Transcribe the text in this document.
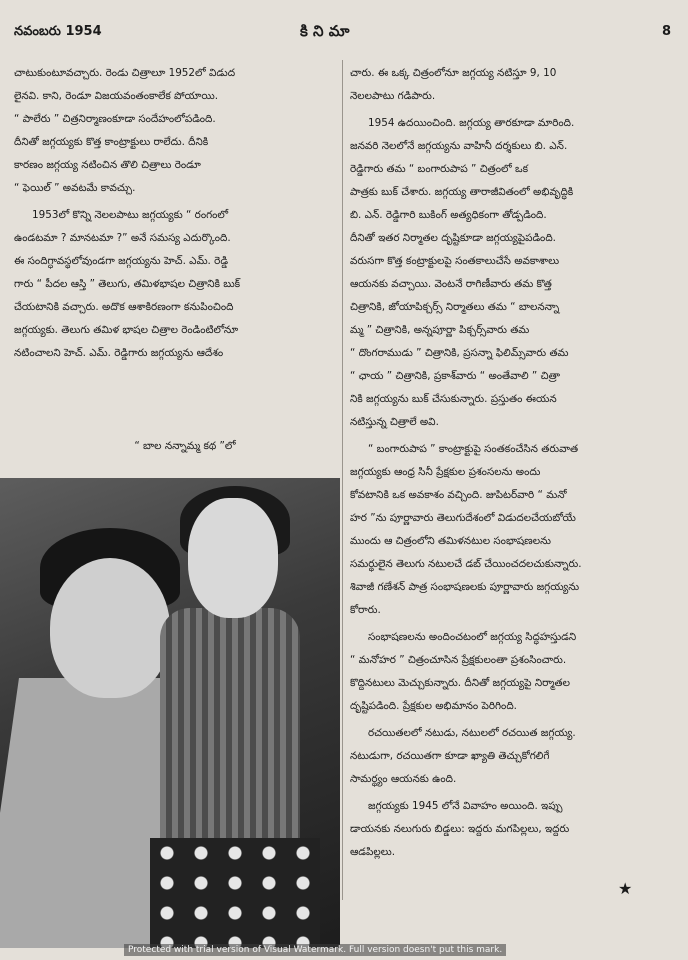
నవంబరు 1954	కి ని మా	8

చాటుకుంటూవచ్చారు. రెండు చిత్రాలూ 1952లో విడుద
లైనవి. కాని, రెండూ విజయవంతంకాలేక పోయాయి.
“ పాలేరు ” చిత్రనిర్మాణంకూడా సందేహంలోపడింది.
దీనితో జగ్గయ్యకు కొత్త కాంట్రాక్టులు రాలేదు. దీనికి
కారణం జగ్గయ్య నటించిన తొలి చిత్రాలు రెండూ
“ ఫెయిల్ ” అవటమే కావచ్చు.

1953లో కొన్ని నెలలపాటు జగ్గయ్యకు “ రంగంలో
ఉండటమా ? మానటమా ?” అనే సమస్య ఎదుర్కొంది.
ఈ సందిగ్ధావస్థలోవుండగా జగ్గయ్యను హెచ్. ఎమ్. రెడ్డి
గారు “ పీదల ఆస్తి ” తెలుగు, తమిళభాషల చిత్రానికి బుక్
చేయటానికి వచ్చారు. అదొక ఆశాకిరణంగా కనుపించింది
జగ్గయ్యకు. తెలుగు తమిళ భాషల చిత్రాల రెండింటిలోనూ
నటించాలని హెచ్. ఎమ్. రెడ్డిగారు జగ్గయ్యను ఆదేశం

“ బాల నన్నామ్మ కథ ”లో

చారు. ఈ ఒక్క చిత్రంలోనూ జగ్గయ్య నటిస్తూ 9, 10
నెలలపాటు గడిపారు.

1954 ఉదయించింది. జగ్గయ్య తారకూడా మారింది.
జనవరి నెలలోనే జగ్గయ్యను వాహినీ దర్శకులు బి. ఎన్.
రెడ్డిగారు తమ “ బంగారుపాప ” చిత్రంలో ఒక
పాత్రకు బుక్ చేశారు. జగ్గయ్య తారాజీవితంలో అభివృద్ధికి
బి. ఎన్. రెడ్డిగారి బుకింగ్ అత్యధికంగా తోడ్పడింది.
దీనితో ఇతర నిర్మాతల దృష్టికూడా జగ్గయ్యపైపడింది.
వరుసగా కొత్త కంట్రాక్టులపై సంతకాలుచేసే అవకాశాలు
ఆయనకు వచ్చాయి. వెంటనే రాగిణీవారు తమ కొత్త
చిత్రానికి, జోయాపిక్చర్స్ నిర్మాతలు తమ “ బాలనన్నా
మ్మ ” చిత్రానికి, అన్నపూర్ణా పిక్చర్స్‌వారు తమ
“ దొంగరాముడు ” చిత్రానికి, ప్రసన్నా ఫిలిమ్స్‌వారు తమ
“ ఛాయ ” చిత్రానికి, ప్రకాశ్‌వారు “ అంతేవాలి ” చిత్రా
నికి జగ్గయ్యను బుక్ చేసుకున్నారు. ప్రస్తుతం ఈయన
నటిస్తున్న చిత్రాలే అవి.

“ బంగారుపాప ” కాంట్రాక్టుపై సంతకంచేసిన తరువాత
జగ్గయ్యకు ఆంధ్ర సినీ ప్రేక్షకుల ప్రశంసలను అందు
కోవటానికి ఒక అవకాశం వచ్చింది. జుపిటర్‌వారి “ మనో
హర ”ను పూర్ణావారు తెలుగుదేశంలో విడుదలచేయబోయే
ముందు ఆ చిత్రంలోని తమిళనటుల సంభాషణలను
సమర్థులైన తెలుగు నటులచే డబ్ చేయించదలచుకున్నారు.
శివాజీ గణేశన్ పాత్ర సంభాషణలకు పూర్ణావారు జగ్గయ్యను
కోరారు.

సంభాషణలను అందించటంలో జగ్గయ్య సిద్ధహస్తుడని
“ మనోహర ” చిత్రంచూసిన ప్రేక్షకులంతా ప్రశంసించారు.
కొద్దినటులు మెచ్చుకున్నారు. దీనితో జగ్గయ్యపై నిర్మాతల
దృష్టిపడింది. ప్రేక్షకుల అభిమానం పెరిగింది.

రచయితలలో నటుడు, నటులలో రచయిత జగ్గయ్య.
నటుడుగా, రచయితగా కూడా ఖ్యాతి తెచ్చుకోగలిగే
సామర్థ్యం ఆయనకు ఉంది.

జగ్గయ్యకు 1945 లోనే వివాహం అయింది. ఇప్పు
డాయనకు నలుగురు బిడ్డలు: ఇద్దరు మగపిల్లలు, ఇద్దరు
ఆడపిల్లలు.

★
Protected with trial version of Visual Watermark. Full version doesn't put this mark.
